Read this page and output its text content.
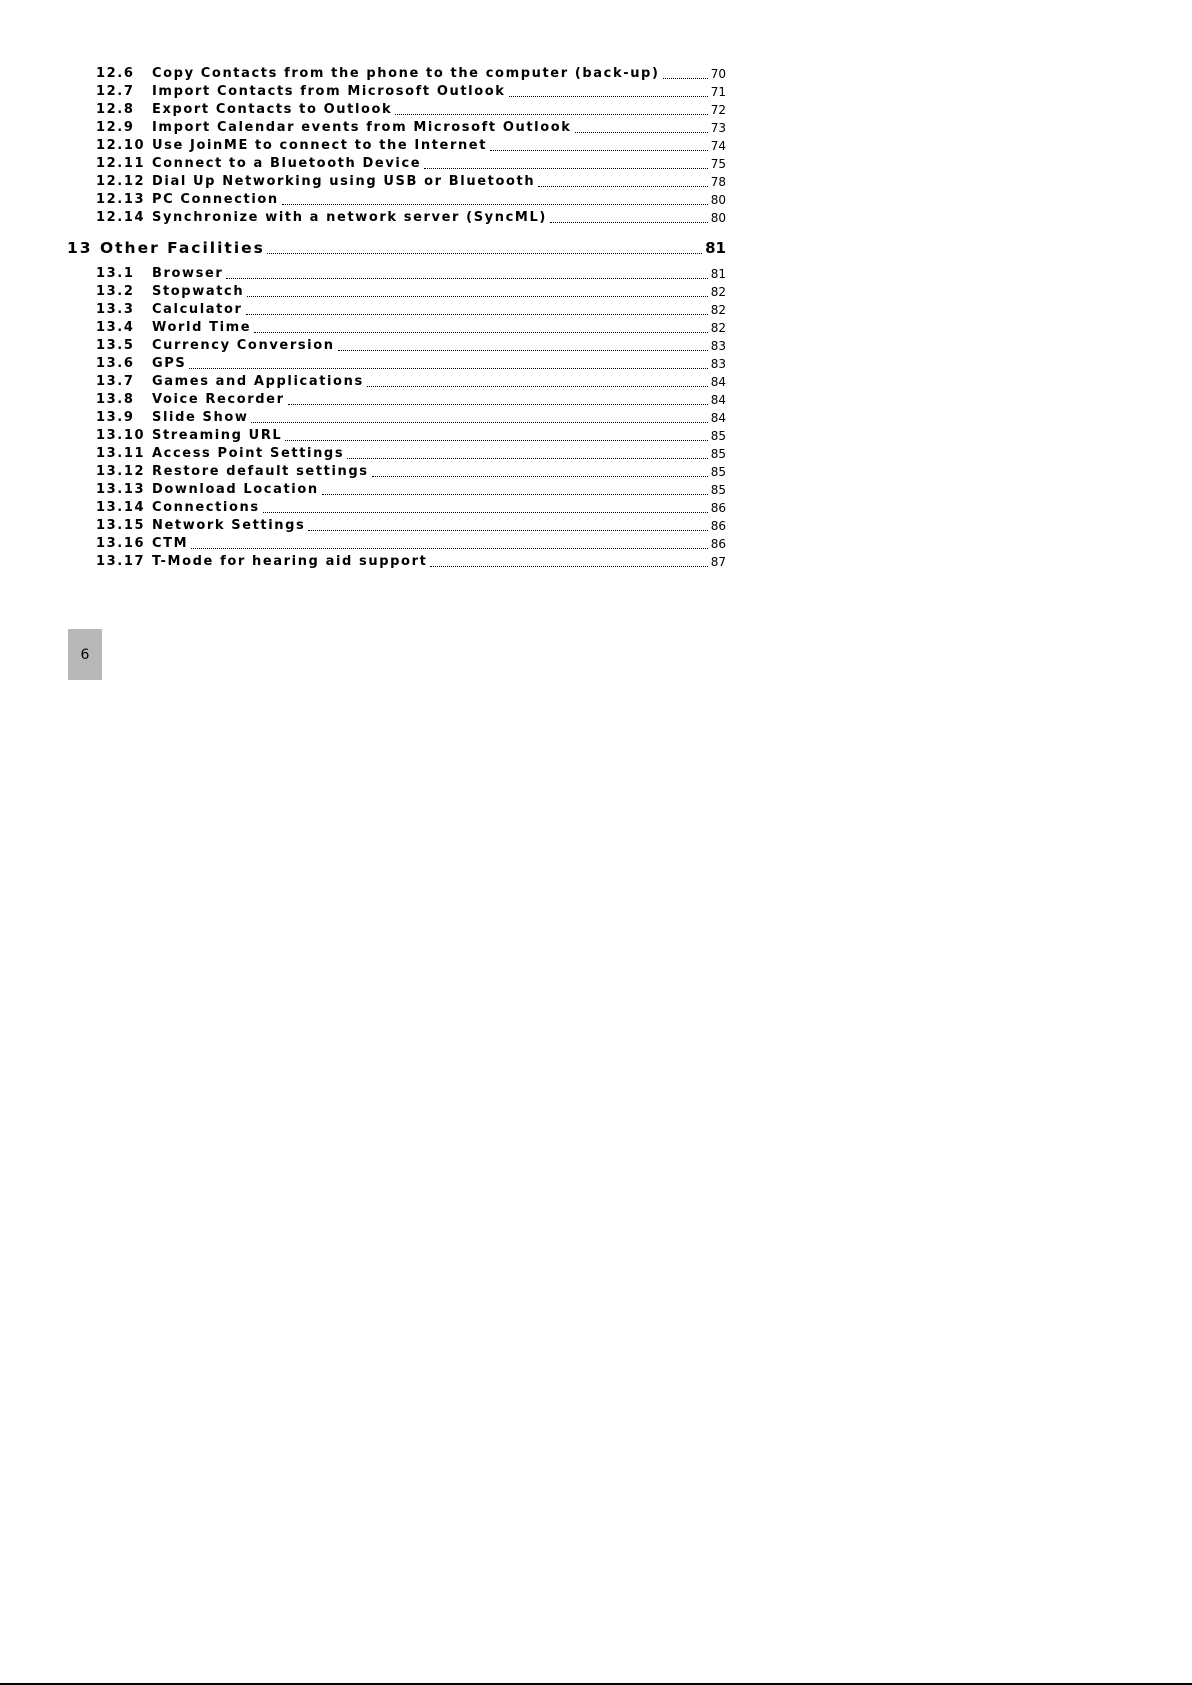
12.6	Copy Contacts from the phone to the computer (back-up)	70
12.7	Import Contacts from Microsoft Outlook	71
12.8	Export Contacts to Outlook	72
12.9	Import Calendar events from Microsoft Outlook	73
12.10 Use JoinME to connect to the Internet	74
12.11 Connect to a Bluetooth Device	75
12.12 Dial Up Networking using USB or Bluetooth	78
12.13 PC Connection	80
12.14 Synchronize with a network server (SyncML)	80
13 Other Facilities	81
13.1	Browser	81
13.2	Stopwatch	82
13.3	Calculator	82
13.4	World Time	82
13.5	Currency Conversion	83
13.6	GPS	83
13.7	Games and Applications	84
13.8	Voice Recorder	84
13.9	Slide Show	84
13.10 Streaming URL	85
13.11 Access Point Settings	85
13.12 Restore default settings	85
13.13 Download Location	85
13.14 Connections	86
13.15 Network Settings	86
13.16 CTM	86
13.17 T-Mode for hearing aid support	87
6
